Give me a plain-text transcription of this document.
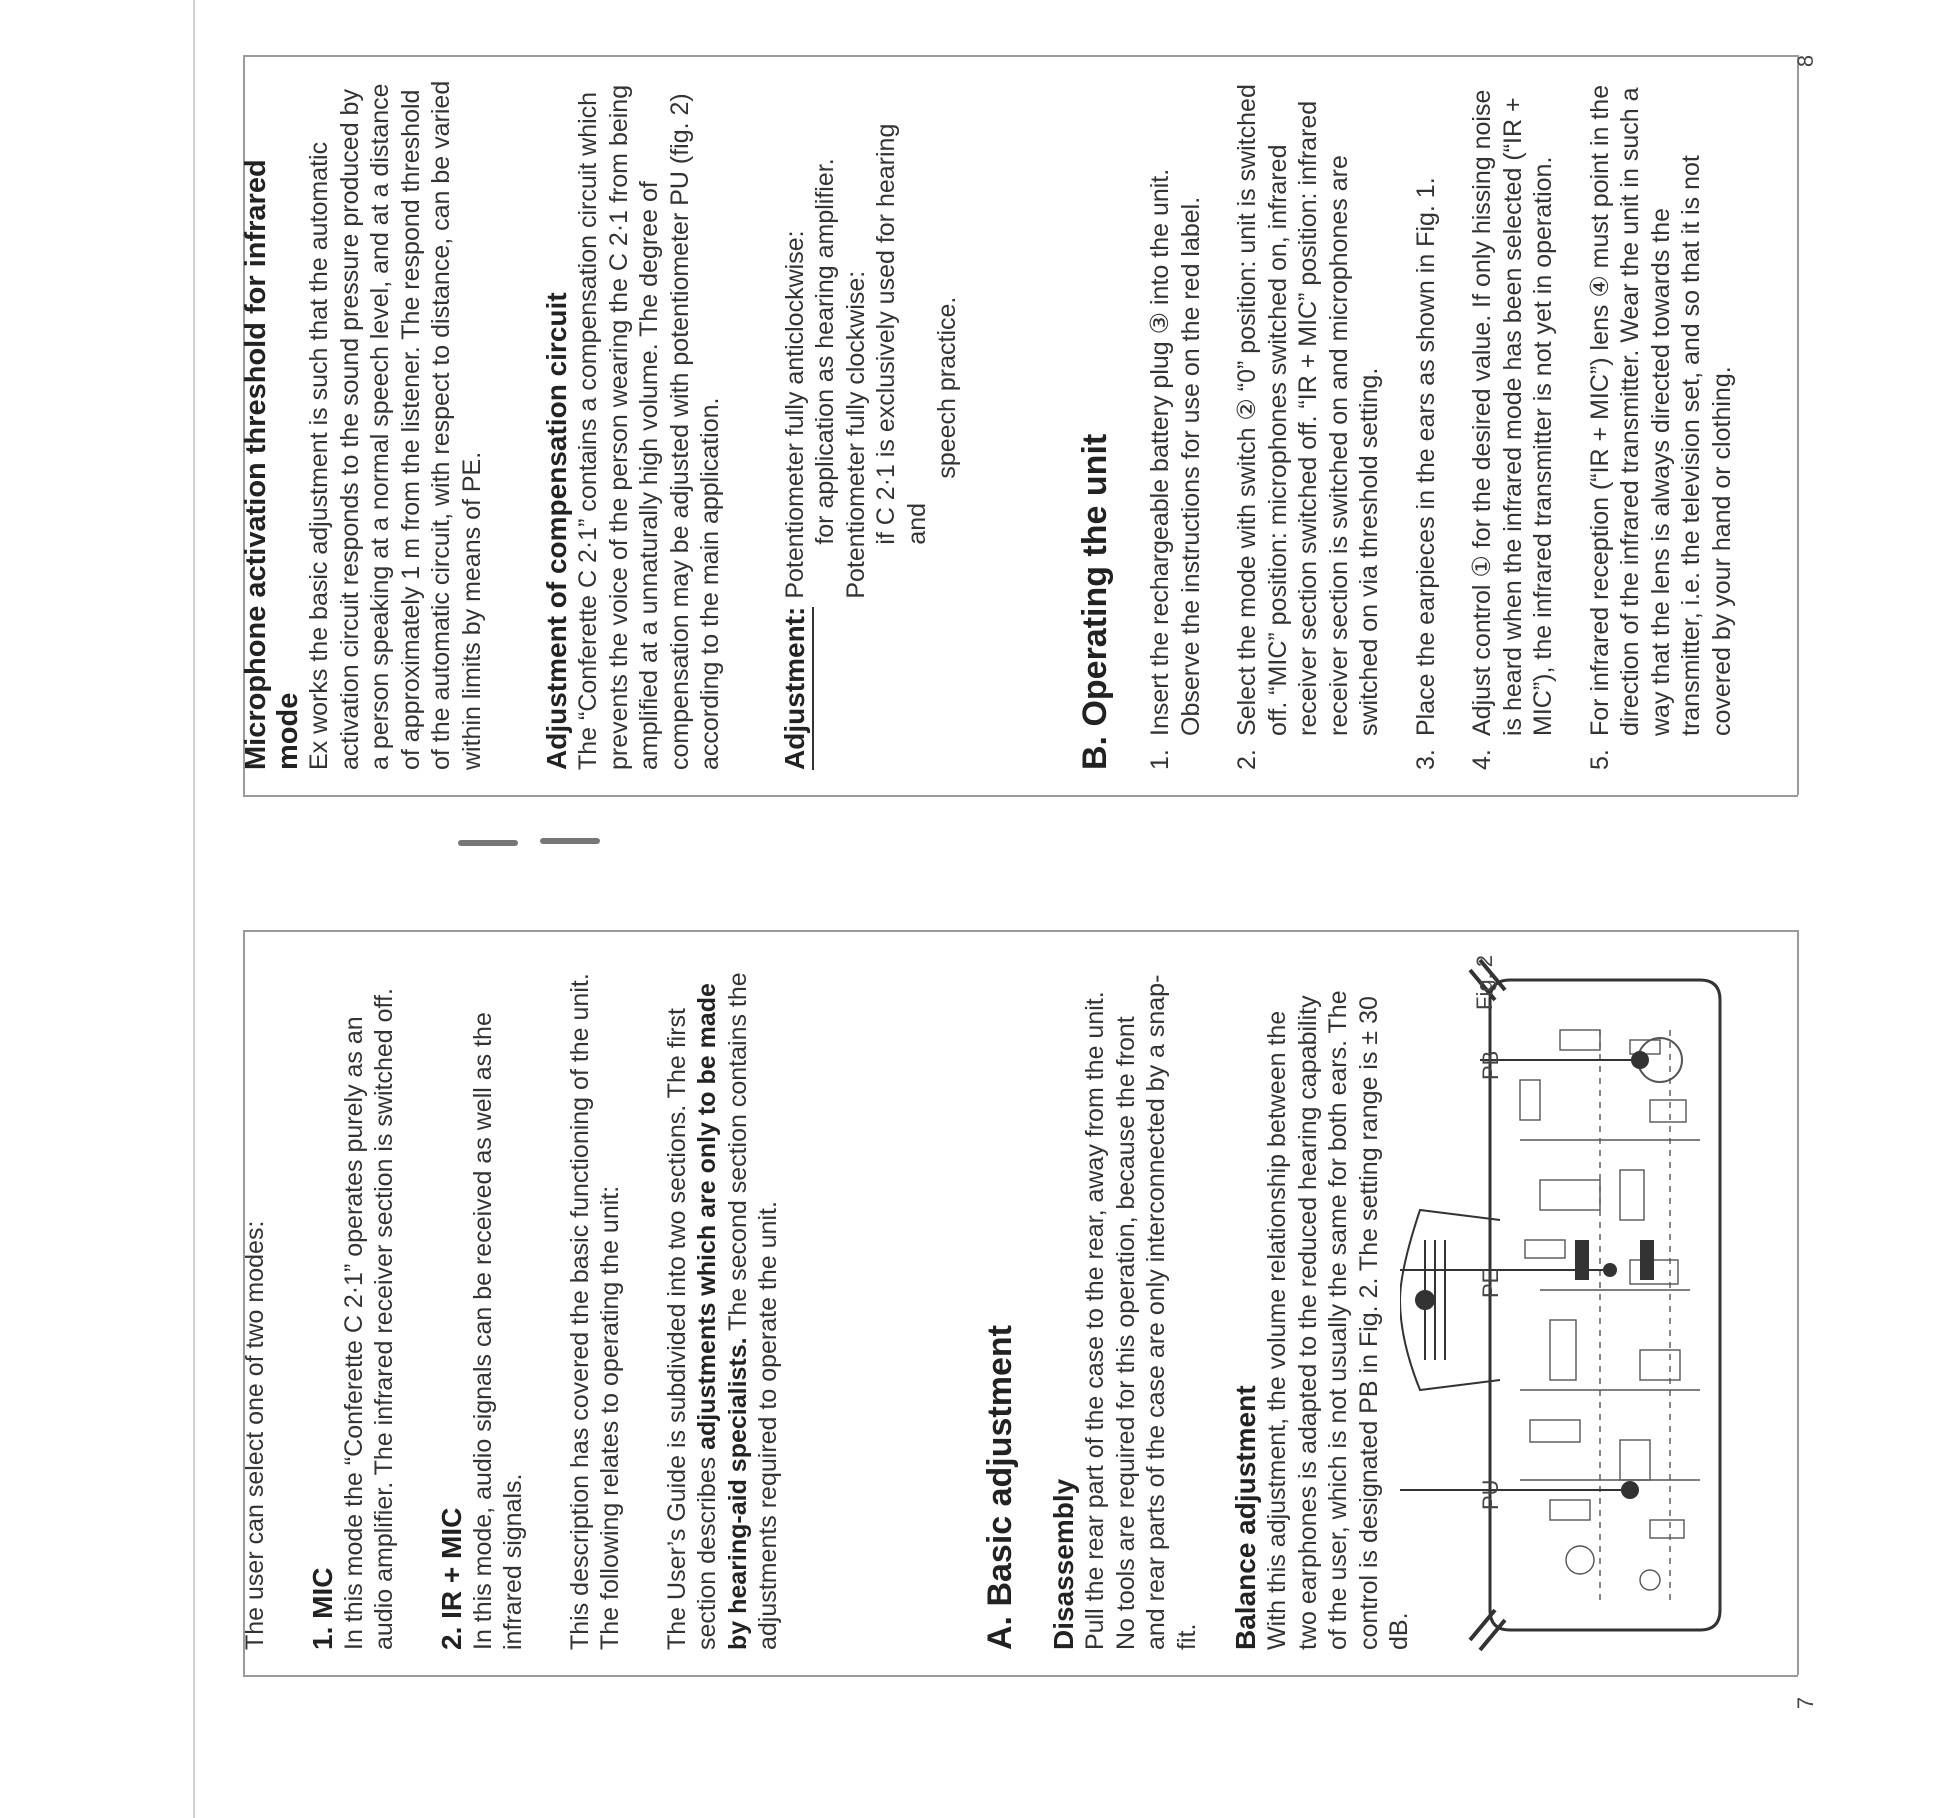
7
8

The user can select one of two modes: 1. MIC In this mode the “Conferette C 2·1” operates purely as an audio amplifier. The infrared receiver section is switched off. 2. IR + MIC In this mode, audio signals can be received as well as the infrared signals. This description has covered the basic functioning of the unit. The following relates to operating the unit: The User’s Guide is subdivided into two sections. The first section describes adjustments which are only to be made by hearing-aid specialists. The second section contains the adjustments required to operate the unit.	A. Basic adjustment Disassembly Pull the rear part of the case to the rear, away from the unit. No tools are required for this operation, because the front and rear parts of the case are only interconnected by a snap-fit. Balance adjustment With this adjustment, the volume relationship between the two earphones is adapted to the reduced hearing capability of the user, which is not usually the same for both ears. The control is designated PB in Fig. 2. The setting range is ± 30 dB.

Fig. 2
PB
PE
PU
Microphone activation threshold for infrared mode Ex works the basic adjustment is such that the automatic activation circuit responds to the sound pressure produced by a person speaking at a normal speech level, and at a distance of approximately 1 m from the listener. The respond threshold of the automatic circuit, with respect to distance, can be varied within limits by means of PE. Adjustment of compensation circuit The “Conferette C 2·1” contains a compensation circuit which prevents the voice of the person wearing the C 2·1 from being amplified at a unnaturally high volume. The degree of compensation may be adjusted with potentiometer PU (fig. 2) according to the main application. Adjustment:
Potentiometer fully anticlockwise: for application as hearing amplifier. Potentiometer fully clockwise: if C 2·1 is exclusively used for hearing and
speech practice.
B. Operating the unit 1.
Insert the rechargeable battery plug ③ into the unit. Observe the instructions for use on the red label.
2.
Select the mode with switch ② “0” position: unit is switched off. “MIC” position: microphones switched on, infrared receiver section switched off. “IR + MIC” position: infrared receiver section is switched on and microphones are switched on via threshold setting.
3.
Place the earpieces in the ears as shown in Fig. 1.
4.
Adjust control ① for the desired value. If only hissing noise is heard when the infrared mode has been selected (“IR + MIC”), the infrared transmitter is not yet in operation.
5.
For infrared reception (“IR + MIC”) lens ④ must point in the direction of the infrared transmitter. Wear the unit in such a way that the lens is always directed towards the transmitter, i.e. the television set, and so that it is not covered by your hand or clothing.
